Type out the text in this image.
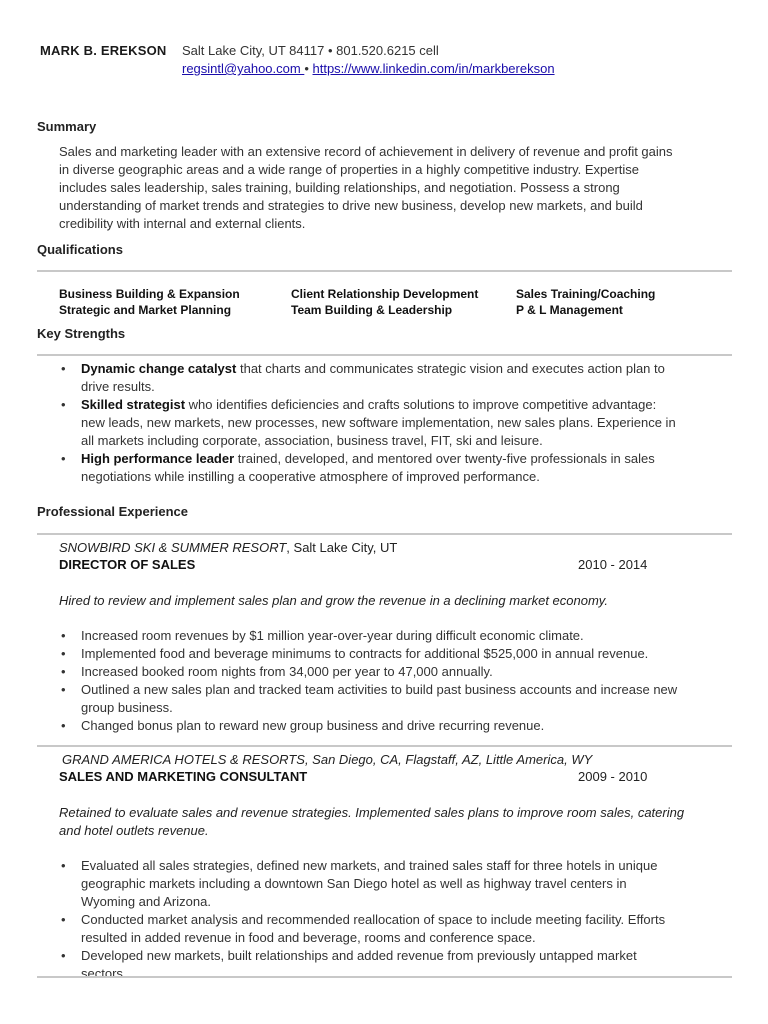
MARK B. EREKSON Salt Lake City, UT 84117 • 801.520.6215 cell
regsintl@yahoo.com • https://www.linkedin.com/in/markberekson
Summary
Sales and marketing leader with an extensive record of achievement in delivery of revenue and profit gains in diverse geographic areas and a wide range of properties in a highly competitive industry. Expertise includes sales leadership, sales training, building relationships, and negotiation. Possess a strong understanding of market trends and strategies to drive new business, develop new markets, and build credibility with internal and external clients.
Qualifications
Business Building & Expansion
Strategic and Market Planning
Client Relationship Development
Team Building & Leadership
Sales Training/Coaching
P & L Management
Key Strengths
• Dynamic change catalyst that charts and communicates strategic vision and executes action plan to drive results.
• Skilled strategist who identifies deficiencies and crafts solutions to improve competitive advantage: new leads, new markets, new processes, new software implementation, new sales plans. Experience in all markets including corporate, association, business travel, FIT, ski and leisure.
• High performance leader trained, developed, and mentored over twenty-five professionals in sales negotiations while instilling a cooperative atmosphere of improved performance.
Professional Experience
SNOWBIRD SKI & SUMMER RESORT, Salt Lake City, UT
DIRECTOR OF SALES	2010 - 2014
Hired to review and implement sales plan and grow the revenue in a declining market economy.
• Increased room revenues by $1 million year-over-year during difficult economic climate.
• Implemented food and beverage minimums to contracts for additional $525,000 in annual revenue.
• Increased booked room nights from 34,000 per year to 47,000 annually.
• Outlined a new sales plan and tracked team activities to build past business accounts and increase new group business.
• Changed bonus plan to reward new group business and drive recurring revenue.
GRAND AMERICA HOTELS & RESORTS, San Diego, CA, Flagstaff, AZ, Little America, WY
SALES AND MARKETING CONSULTANT	2009 - 2010
Retained to evaluate sales and revenue strategies. Implemented sales plans to improve room sales, catering and hotel outlets revenue.
• Evaluated all sales strategies, defined new markets, and trained sales staff for three hotels in unique geographic markets including a downtown San Diego hotel as well as highway travel centers in Wyoming and Arizona.
• Conducted market analysis and recommended reallocation of space to include meeting facility. Efforts resulted in added revenue in food and beverage, rooms and conference space.
• Developed new markets, built relationships and added revenue from previously untapped market sectors.
